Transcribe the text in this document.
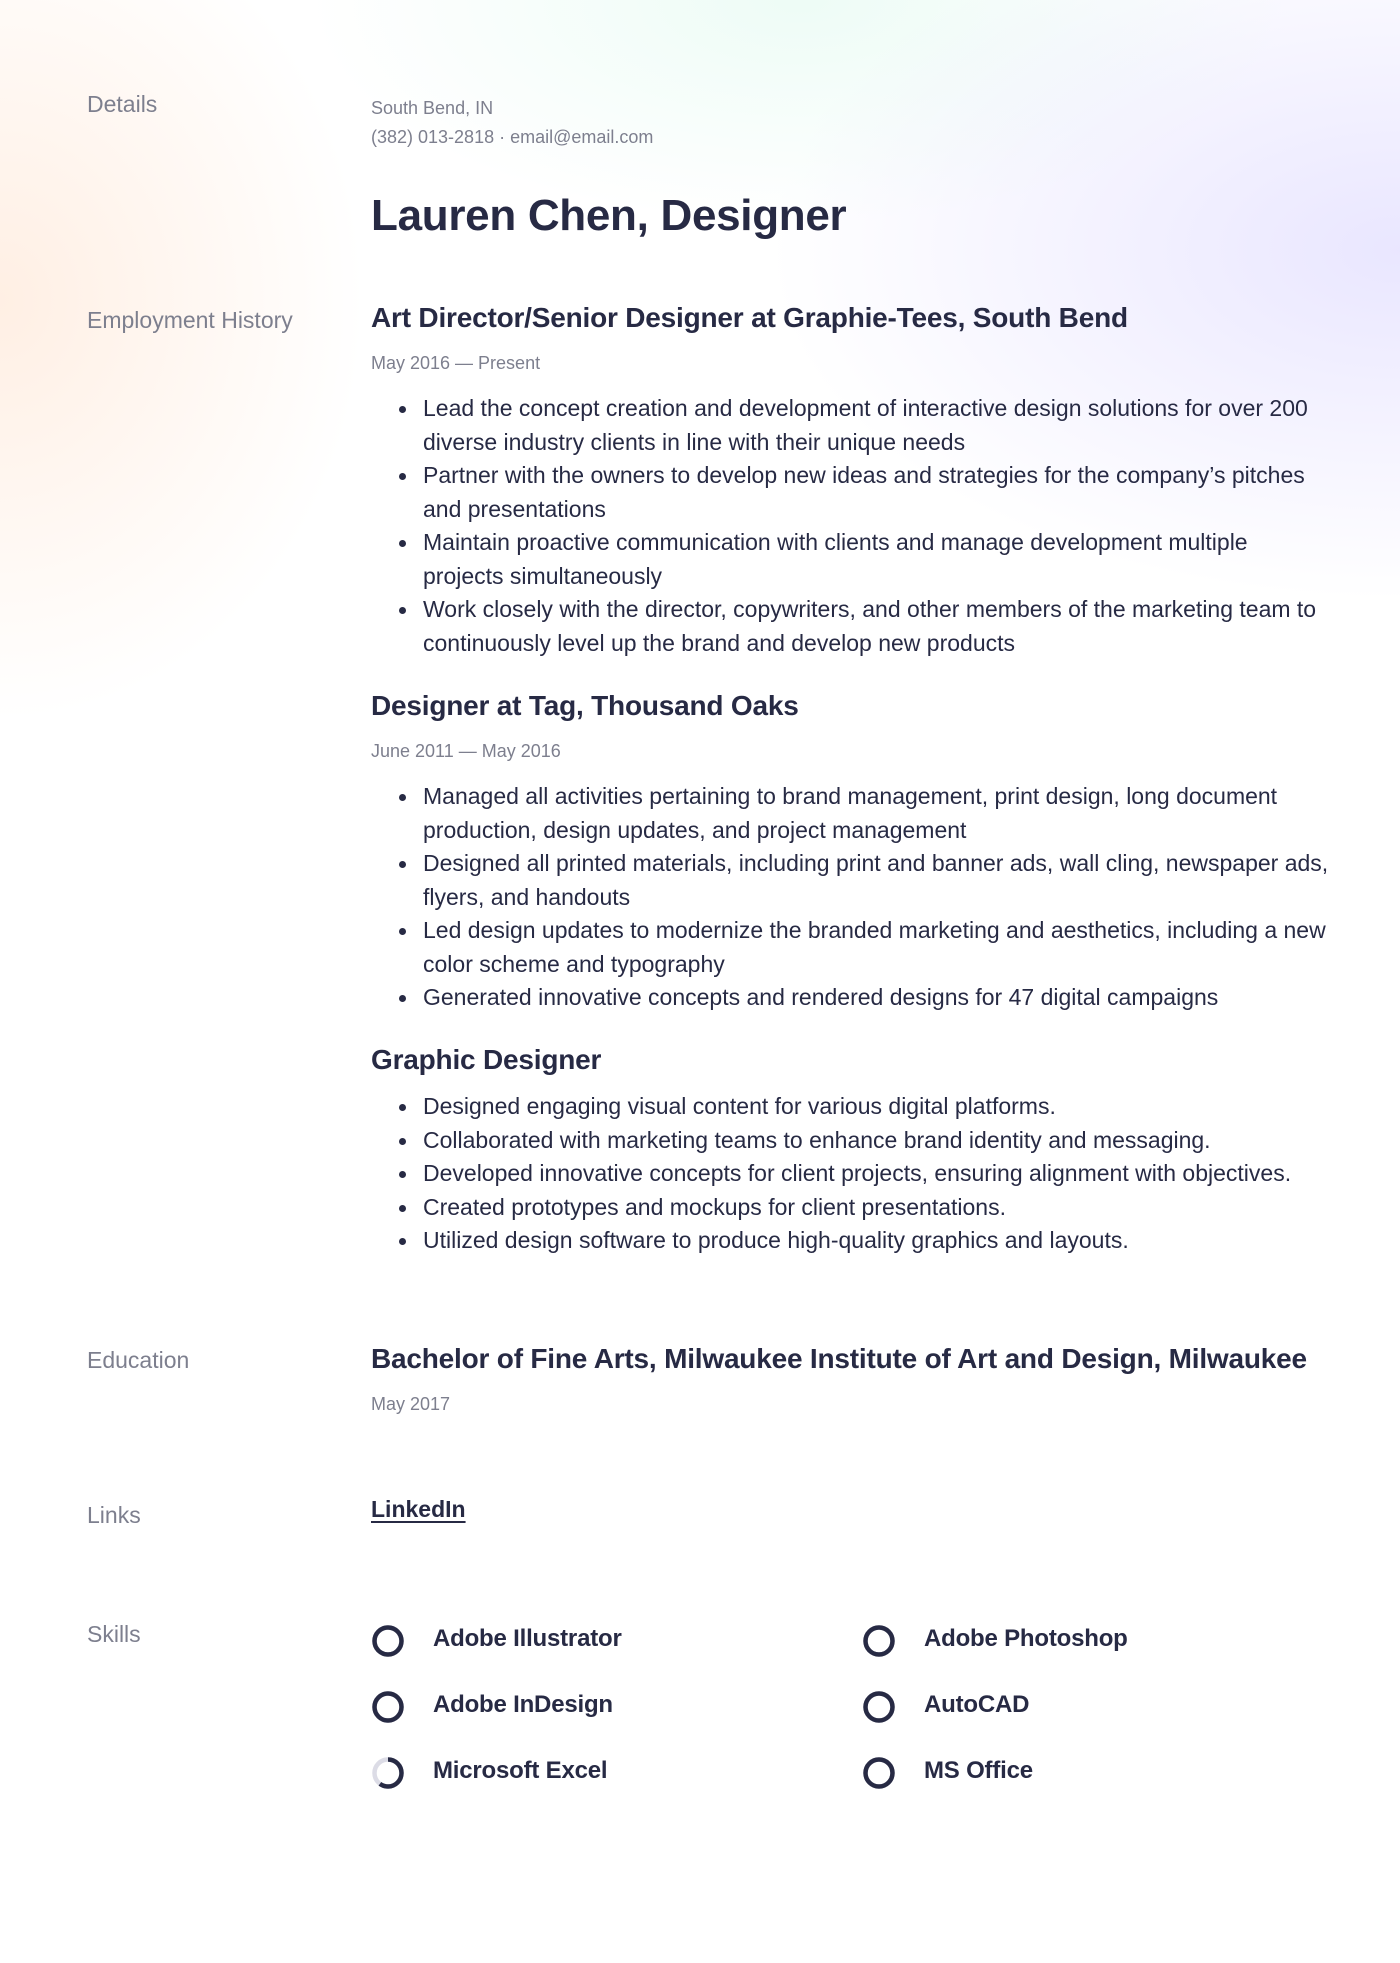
Details	South Bend, IN
(382) 013-2818 · email@email.com
Lauren Chen, Designer
Employment History	Art Director/Senior Designer at Graphie-Tees, South Bend
May 2016 — Present
Lead the concept creation and development of interactive design solutions for over 200 diverse industry clients in line with their unique needs
Partner with the owners to develop new ideas and strategies for the company’s pitches and presentations
Maintain proactive communication with clients and manage development multiple projects simultaneously
Work closely with the director, copywriters, and other members of the marketing team to continuously level up the brand and develop new products
Designer at Tag, Thousand Oaks
June 2011 — May 2016
Managed all activities pertaining to brand management, print design, long document production, design updates, and project management
Designed all printed materials, including print and banner ads, wall cling, newspaper ads, flyers, and handouts
Led design updates to modernize the branded marketing and aesthetics, including a new color scheme and typography
Generated innovative concepts and rendered designs for 47 digital campaigns
Graphic Designer
Designed engaging visual content for various digital platforms.
Collaborated with marketing teams to enhance brand identity and messaging.
Developed innovative concepts for client projects, ensuring alignment with objectives.
Created prototypes and mockups for client presentations.
Utilized design software to produce high-quality graphics and layouts.
Education	Bachelor of Fine Arts, Milwaukee Institute of Art and Design, Milwaukee
May 2017
Links	LinkedIn
Skills	Adobe Illustrator	Adobe Photoshop
Adobe InDesign	AutoCAD
Microsoft Excel	MS Office
